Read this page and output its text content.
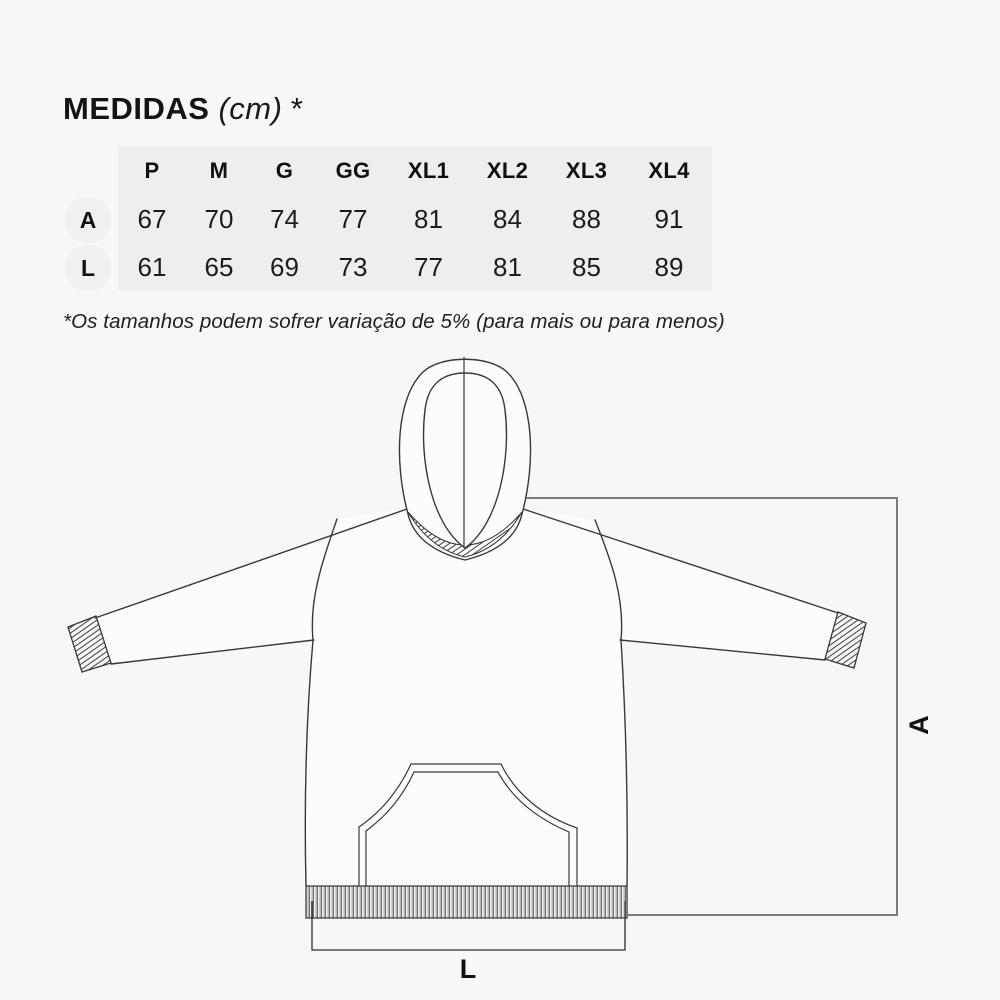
MEDIDAS (cm) *
A
L
P M G GG XL1 XL2 XL3 XL4
67 70 74 77 81 84 88 91
61 65 69 73 77 81 85 89
*Os tamanhos podem sofrer variação de 5% (para mais ou para menos)
A
L
